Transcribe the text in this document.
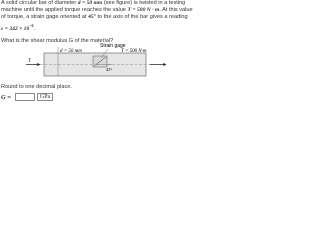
A solid circular bar of diameter d = 50 mm (see figure) is twisted in a testing
machine until the applied torque reaches the value T = 500 N · m. At this value
of torque, a strain gage oriented at 45° to the axis of the bar gives a reading
$\varepsilon = 342 \times 10^{-6}$.

What is the shear modulus G of the material?

Strain gage
d = 50 mm	T = 500 N·m
T
45°

Round to one decimal place.

G =	GPa
